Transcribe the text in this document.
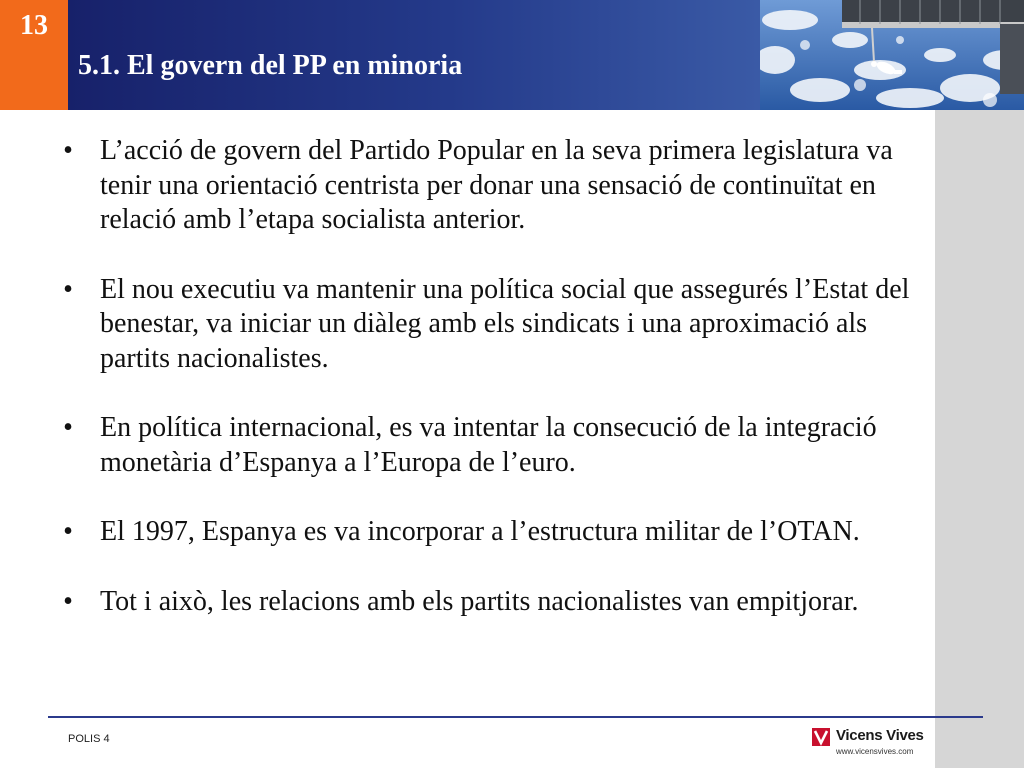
13
5.1. El govern del PP en minoria
• L’acció de govern del Partido Popular en la seva primera legislatura va tenir una orientació centrista per donar una sensació de continuïtat en relació amb l’etapa socialista anterior.
• El nou executiu va mantenir una política social que assegurés l’Estat del benestar, va iniciar un diàleg amb els sindicats i una aproximació als partits nacionalistes.
• En política internacional, es va intentar la consecució de la integració monetària d’Espanya a l’Europa de l’euro.
• El 1997, Espanya es va incorporar a l’estructura militar de l’OTAN.
• Tot i això, les relacions amb els partits nacionalistes van empitjorar.
POLIS 4	Vicens Vives
www.vicensvives.com
